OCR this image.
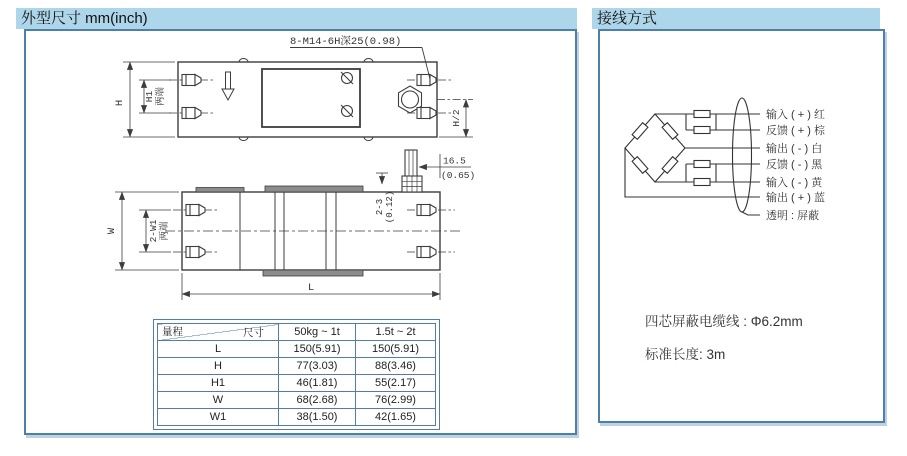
外型尺寸 mm(inch)	接线方式
8-M14-6H深25(0.98)
H
H1 两端
H/2
16.5
(0.65)
2-3 (0.12)
W	2-W1 两端
L
尺寸
量程	50kg ~ 1t	1.5t ~ 2t
L	150(5.91)	150(5.91)
H	77(3.03)	88(3.46)
H1	46(1.81)	55(2.17)
W	68(2.68)	76(2.99)
W1	38(1.50)	42(1.65)
输入 ( + ) 红
反馈 ( + ) 棕
输出 ( - ) 白
反馈 ( - ) 黑
输入 ( - ) 黄
输出 ( + ) 蓝
透明 : 屏蔽
四芯屏蔽电缆线 : Φ6.2mm
标准长度: 3m
